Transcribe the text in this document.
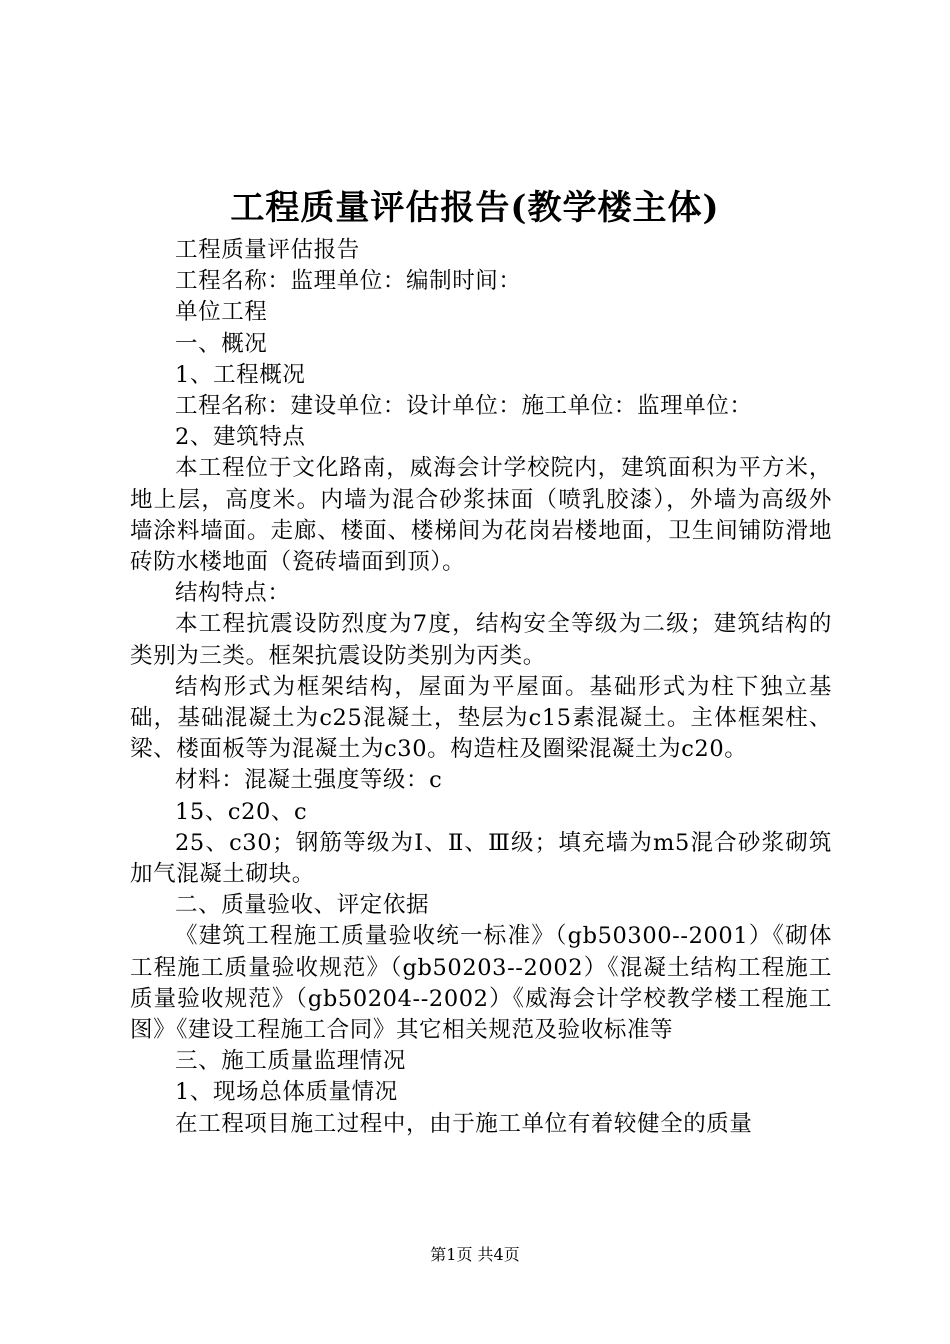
工程质量评估报告(教学楼主体)

工程质量评估报告

工程名称：监理单位：编制时间：

单位工程

一、概况

1、工程概况

工程名称：建设单位：设计单位：施工单位：监理单位：

2、建筑特点

本工程位于文化路南，威海会计学校院内，建筑面积为平方米，地上层，高度米。内墙为混合砂浆抹面（喷乳胶漆），外墙为高级外墙涂料墙面。走廊、楼面、楼梯间为花岗岩楼地面，卫生间铺防滑地砖防水楼地面（瓷砖墙面到顶）。

结构特点：

本工程抗震设防烈度为7度，结构安全等级为二级；建筑结构的类别为三类。框架抗震设防类别为丙类。

结构形式为框架结构，屋面为平屋面。基础形式为柱下独立基础，基础混凝土为c25混凝土，垫层为c15素混凝土。主体框架柱、梁、楼面板等为混凝土为c30。构造柱及圈梁混凝土为c20。

材料：混凝土强度等级：c

15、c20、c

25、c30；钢筋等级为Ⅰ、Ⅱ、Ⅲ级；填充墙为m5混合砂浆砌筑加气混凝土砌块。

二、质量验收、评定依据

《建筑工程施工质量验收统一标准》（gb50300--2001）《砌体工程施工质量验收规范》（gb50203--2002）《混凝土结构工程施工质量验收规范》（gb50204--2002）《威海会计学校教学楼工程施工图》《建设工程施工合同》其它相关规范及验收标准等

三、施工质量监理情况

1、现场总体质量情况

在工程项目施工过程中，由于施工单位有着较健全的质量

第1页 共4页
